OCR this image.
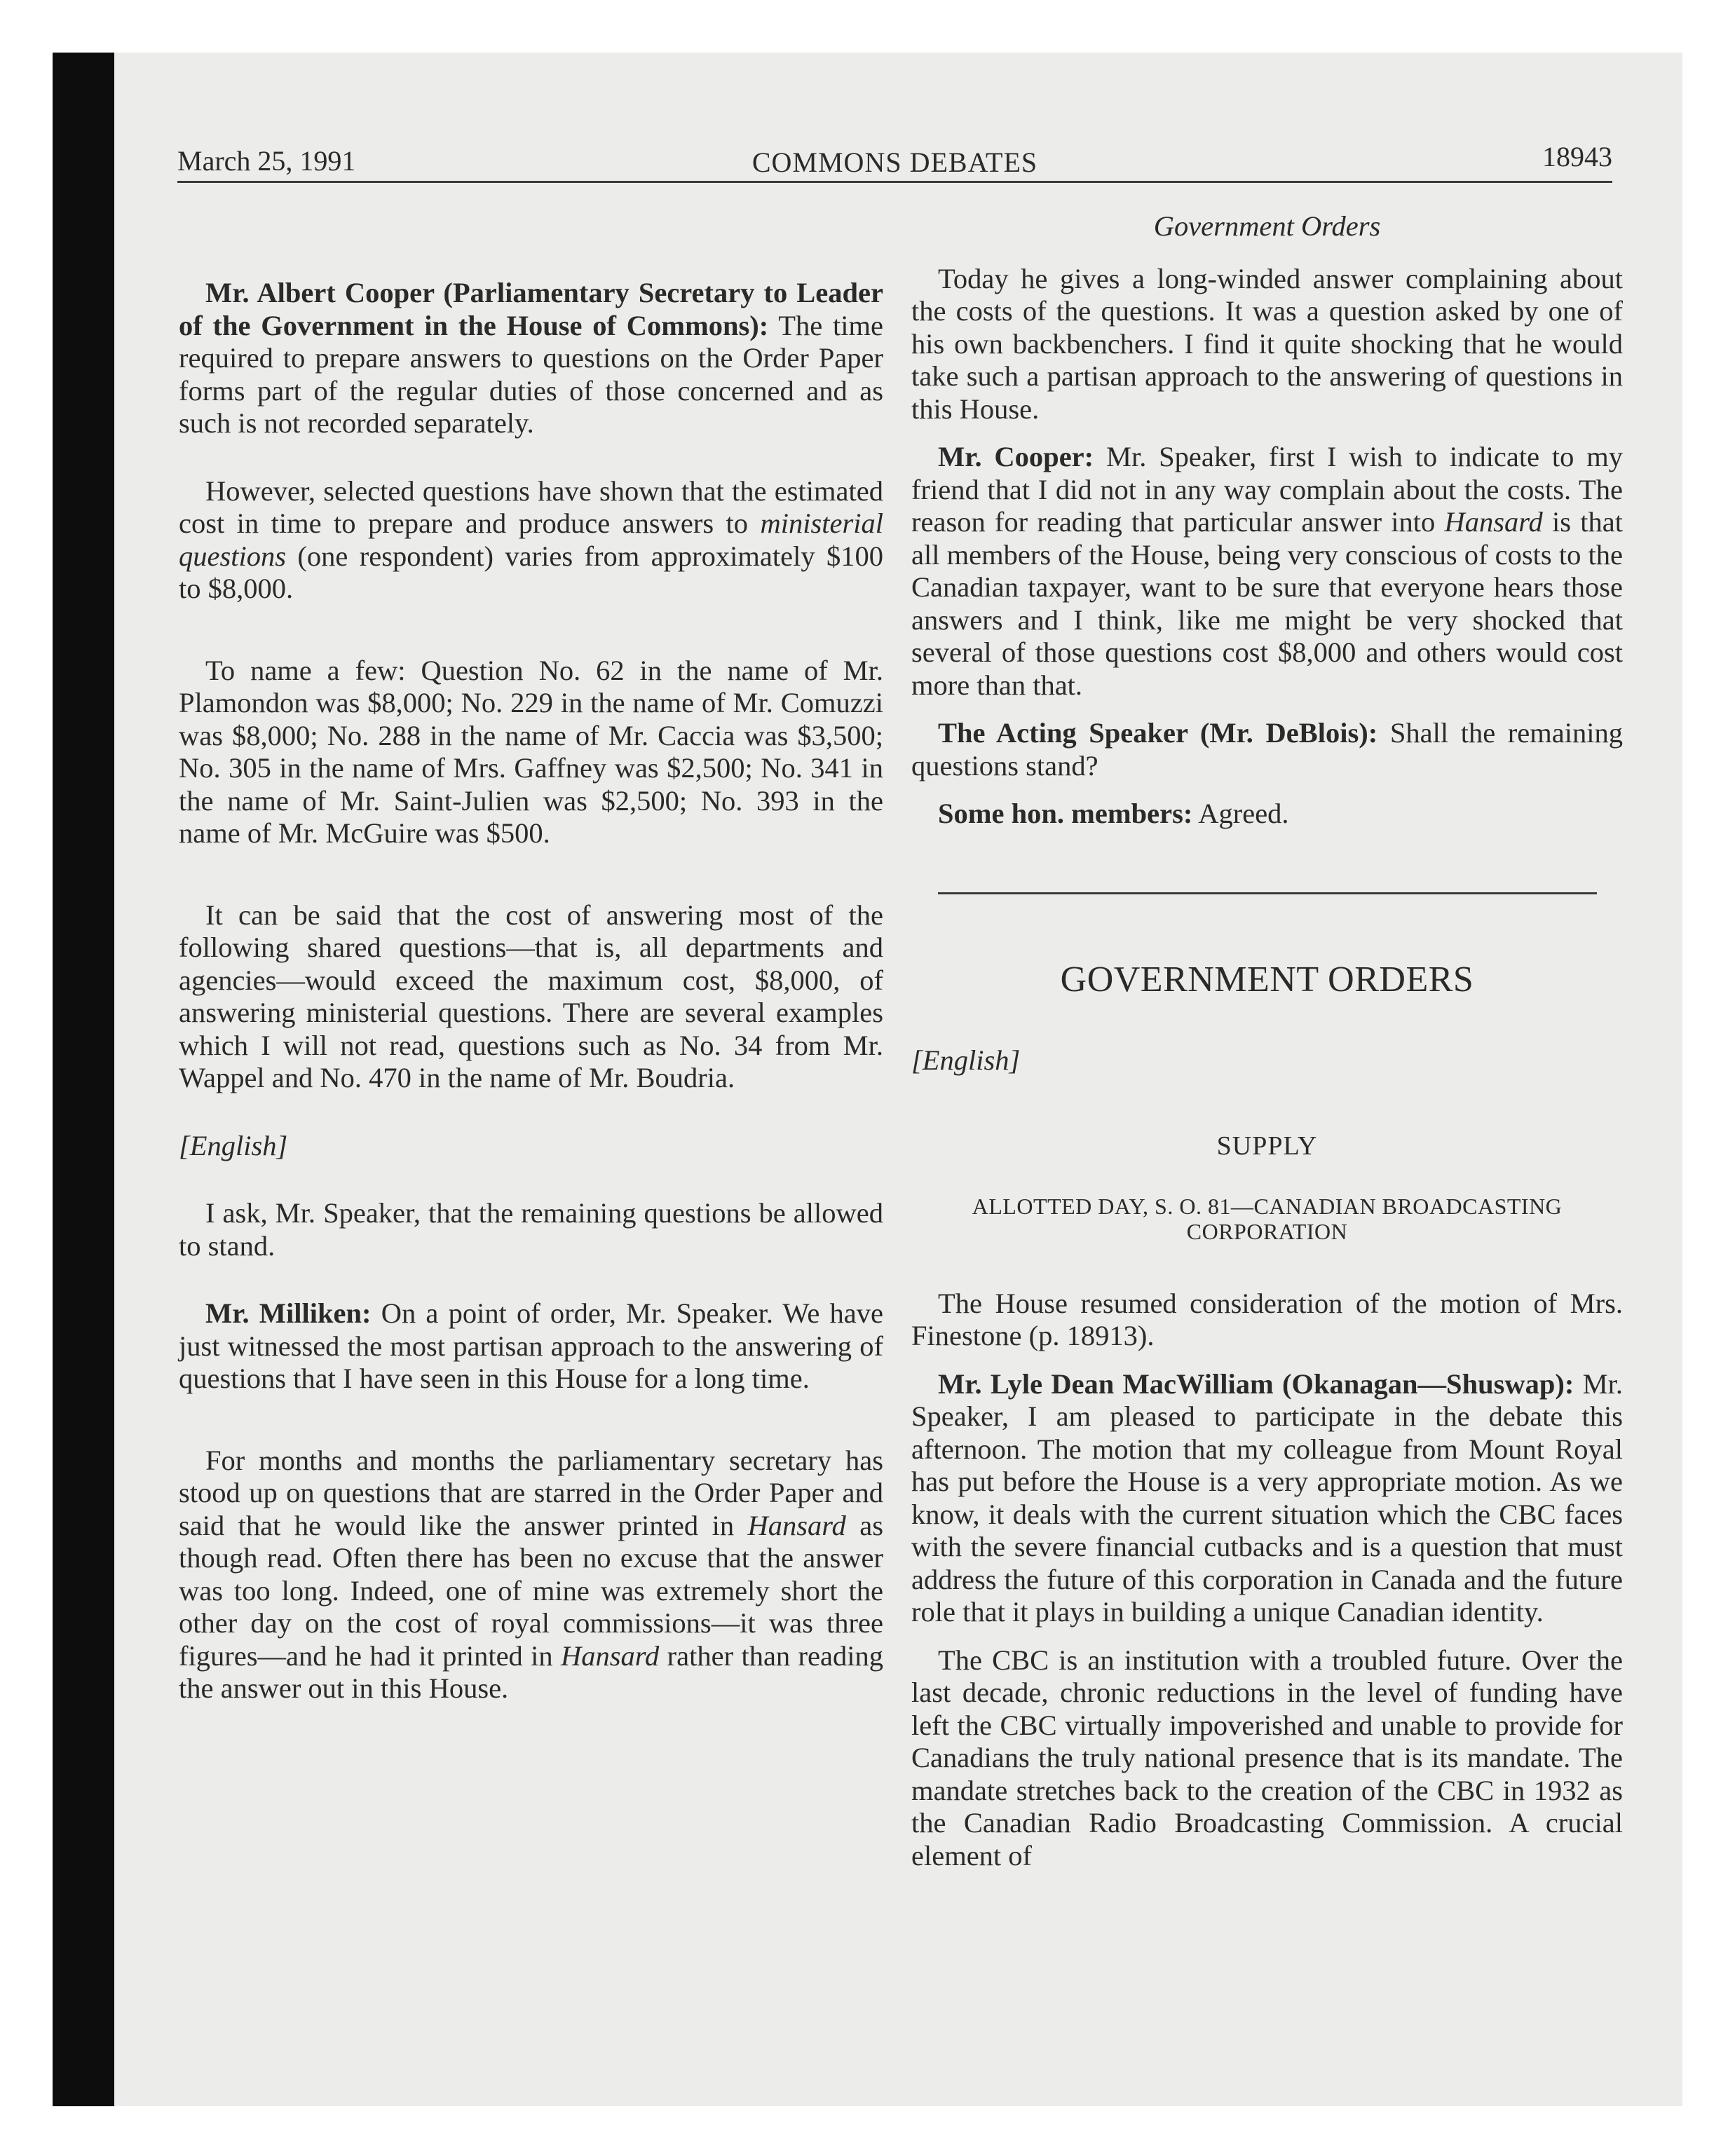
March 25, 1991	COMMONS DEBATES	18943

Mr. Albert Cooper (Parliamentary Secretary to Leader of the Government in the House of Commons): The time required to prepare answers to questions on the Order Paper forms part of the regular duties of those concerned and as such is not recorded separately.

However, selected questions have shown that the estimated cost in time to prepare and produce answers to ministerial questions (one respondent) varies from approximately $100 to $8,000.

To name a few: Question No. 62 in the name of Mr. Plamondon was $8,000; No. 229 in the name of Mr. Comuzzi was $8,000; No. 288 in the name of Mr. Caccia was $3,500; No. 305 in the name of Mrs. Gaffney was $2,500; No. 341 in the name of Mr. Saint-Julien was $2,500; No. 393 in the name of Mr. McGuire was $500.

It can be said that the cost of answering most of the following shared questions—that is, all departments and agencies—would exceed the maximum cost, $8,000, of answering ministerial questions. There are several examples which I will not read, questions such as No. 34 from Mr. Wappel and No. 470 in the name of Mr. Boudria.

[English]

I ask, Mr. Speaker, that the remaining questions be allowed to stand.

Mr. Milliken: On a point of order, Mr. Speaker. We have just witnessed the most partisan approach to the answering of questions that I have seen in this House for a long time.

For months and months the parliamentary secretary has stood up on questions that are starred in the Order Paper and said that he would like the answer printed in Hansard as though read. Often there has been no excuse that the answer was too long. Indeed, one of mine was extremely short the other day on the cost of royal commissions—it was three figures—and he had it printed in Hansard rather than reading the answer out in this House.

Government Orders

Today he gives a long-winded answer complaining about the costs of the questions. It was a question asked by one of his own backbenchers. I find it quite shocking that he would take such a partisan approach to the answering of questions in this House.

Mr. Cooper: Mr. Speaker, first I wish to indicate to my friend that I did not in any way complain about the costs. The reason for reading that particular answer into Hansard is that all members of the House, being very conscious of costs to the Canadian taxpayer, want to be sure that everyone hears those answers and I think, like me might be very shocked that several of those questions cost $8,000 and others would cost more than that.

The Acting Speaker (Mr. DeBlois): Shall the remaining questions stand?

Some hon. members: Agreed.

GOVERNMENT ORDERS

[English]

SUPPLY

ALLOTTED DAY, S. O. 81—CANADIAN BROADCASTING CORPORATION

The House resumed consideration of the motion of Mrs. Finestone (p. 18913).

Mr. Lyle Dean MacWilliam (Okanagan—Shuswap): Mr. Speaker, I am pleased to participate in the debate this afternoon. The motion that my colleague from Mount Royal has put before the House is a very appropriate motion. As we know, it deals with the current situation which the CBC faces with the severe financial cutbacks and is a question that must address the future of this corporation in Canada and the future role that it plays in building a unique Canadian identity.

The CBC is an institution with a troubled future. Over the last decade, chronic reductions in the level of funding have left the CBC virtually impoverished and unable to provide for Canadians the truly national presence that is its mandate. The mandate stretches back to the creation of the CBC in 1932 as the Canadian Radio Broadcasting Commission. A crucial element of
